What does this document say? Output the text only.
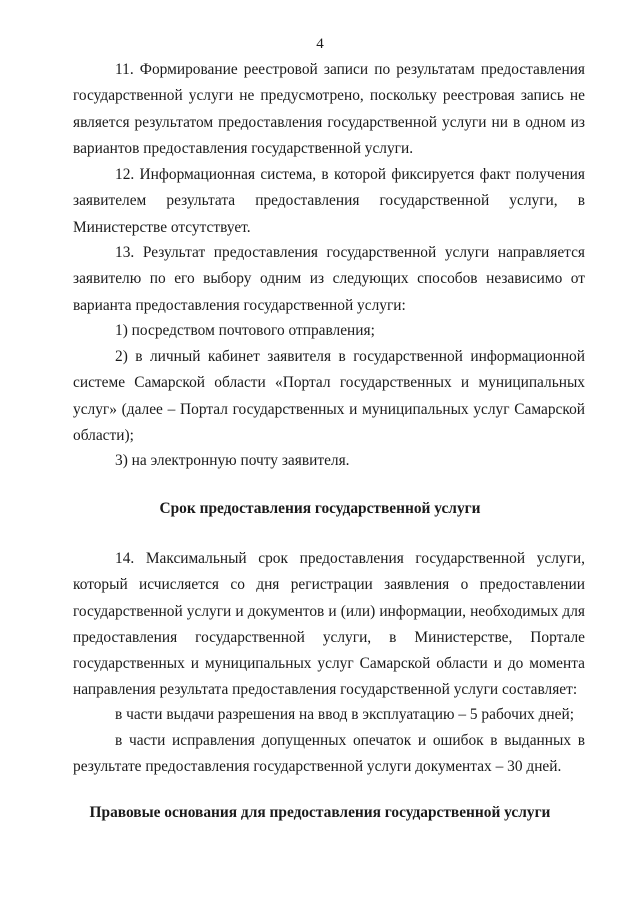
4

11. Формирование реестровой записи по результатам предоставления государственной услуги не предусмотрено, поскольку реестровая запись не является результатом предоставления государственной услуги ни в одном из вариантов предоставления государственной услуги.

12. Информационная система, в которой фиксируется факт получения заявителем результата предоставления государственной услуги, в Министерстве отсутствует.

13. Результат предоставления государственной услуги направляется заявителю по его выбору одним из следующих способов независимо от варианта предоставления государственной услуги:

1) посредством почтового отправления;

2) в личный кабинет заявителя в государственной информационной системе Самарской области «Портал государственных и муниципальных услуг» (далее – Портал государственных и муниципальных услуг Самарской области);

3) на электронную почту заявителя.

Срок предоставления государственной услуги

14. Максимальный срок предоставления государственной услуги, который исчисляется со дня регистрации заявления о предоставлении государственной услуги и документов и (или) информации, необходимых для предоставления государственной услуги, в Министерстве, Портале государственных и муниципальных услуг Самарской области и до момента направления результата предоставления государственной услуги составляет:

в части выдачи разрешения на ввод в эксплуатацию – 5 рабочих дней;

в части исправления допущенных опечаток и ошибок в выданных в результате предоставления государственной услуги документах – 30 дней.

Правовые основания для предоставления государственной услуги
